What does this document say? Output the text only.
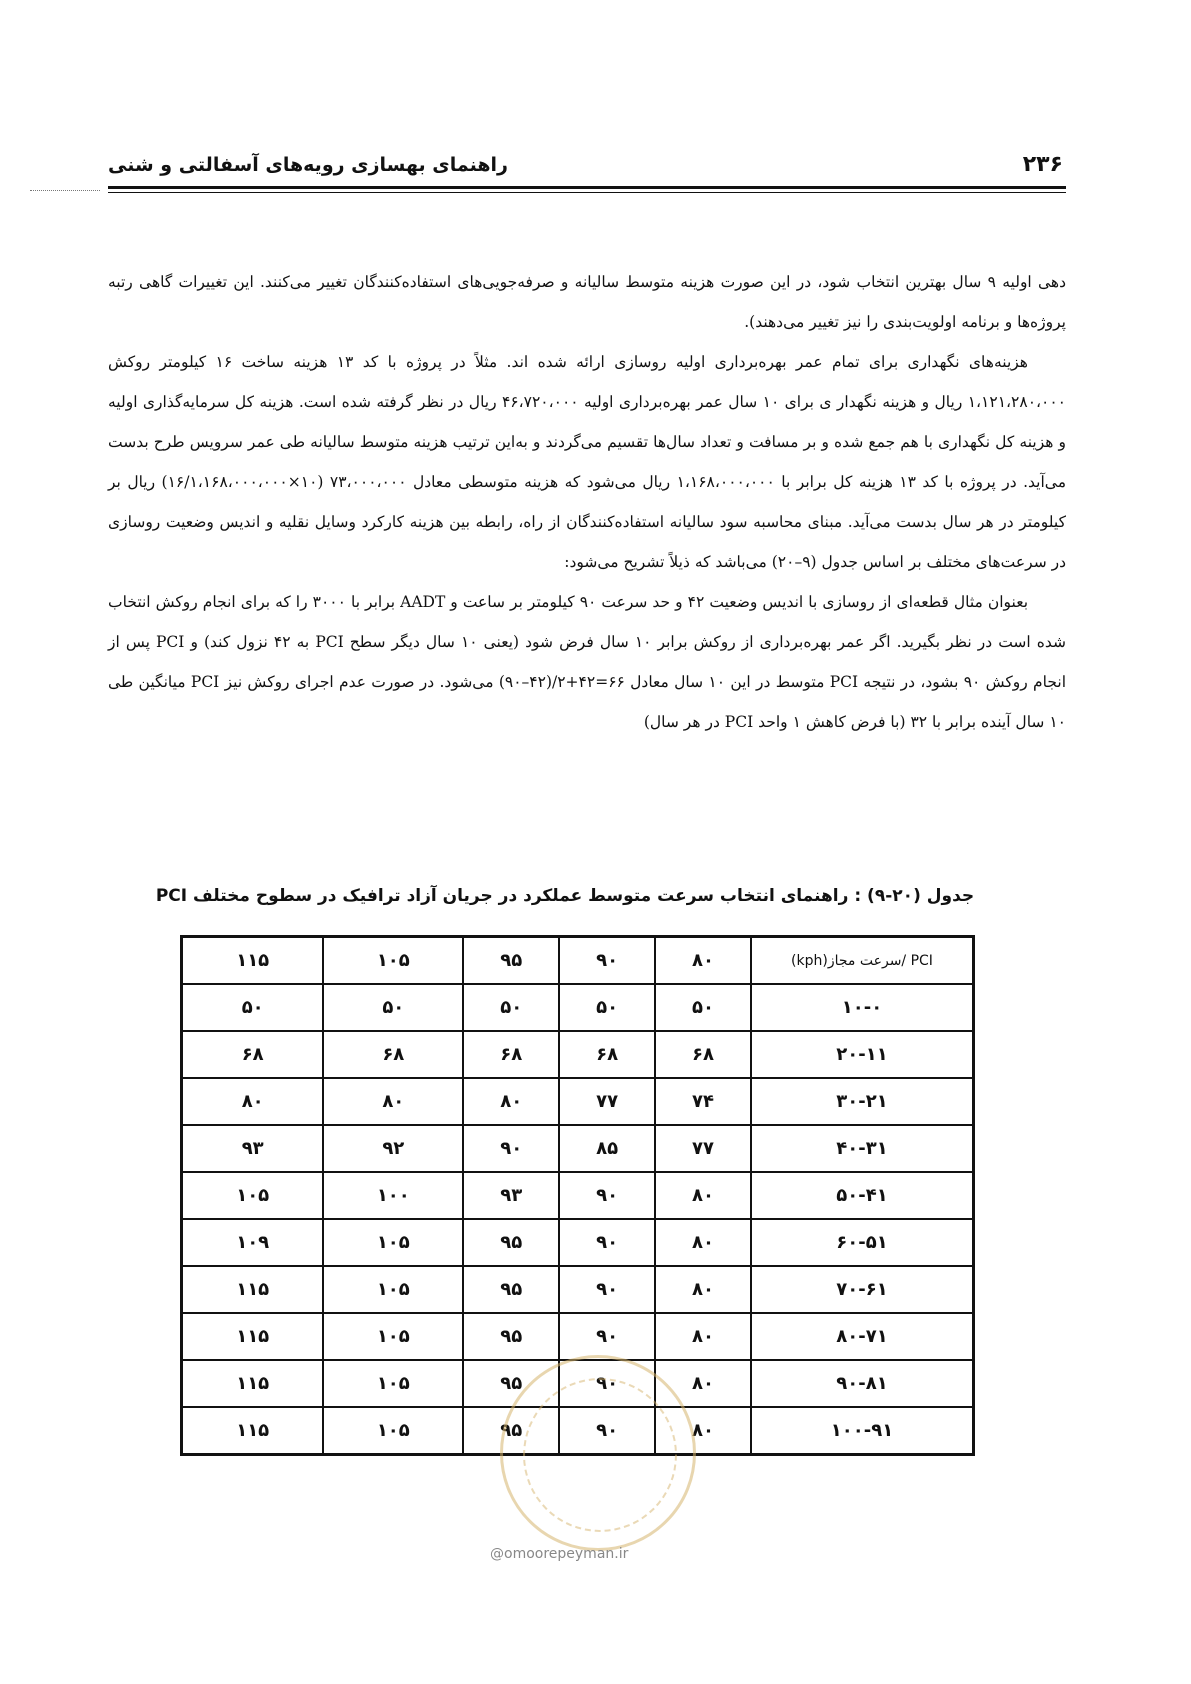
۲۳۶
راهنمای بهسازی رویه‌های آسفالتی و شنی

دهی اولیه ۹ سال بهترین انتخاب شود، در این صورت هزینه متوسط سالیانه و صرفه‌جویی‌های استفاده‌کنندگان تغییر می‌کنند. این تغییرات گاهی رتبه پروژه‌ها و برنامه اولویت‌بندی را نیز تغییر می‌دهند).

هزینه‌های نگهداری برای تمام عمر بهره‌برداری اولیه روسازی ارائه شده اند. مثلاً در پروژه با کد ۱۳ هزینه ساخت ۱۶ کیلومتر روکش ۱،۱۲۱،۲۸۰،۰۰۰ ریال و هزینه نگهدار ی برای ۱۰ سال عمر بهره‌برداری اولیه ۴۶،۷۲۰،۰۰۰ ریال در نظر گرفته شده است. هزینه کل سرمایه‌گذاری اولیه و هزینه کل نگهداری با هم جمع شده و بر مسافت و تعداد سال‌ها تقسیم می‌گردند و به‌این ترتیب هزینه متوسط سالیانه طی عمر سرویس طرح بدست می‌آید. در پروژه با کد ۱۳ هزینه کل برابر با ۱،۱۶۸،۰۰۰،۰۰۰ ریال می‌شود که هزینه متوسطی معادل ۷۳،۰۰۰،۰۰۰ (۱۰×۱۶/۱،۱۶۸،۰۰۰،۰۰۰) ریال بر کیلومتر در هر سال بدست می‌آید. مبنای محاسبه سود سالیانه استفاده‌کنندگان از راه، رابطه بین هزینه کارکرد وسایل نقلیه و اندیس وضعیت روسازی در سرعت‌های مختلف بر اساس جدول (۹–۲۰) می‌باشد که ذیلاً تشریح می‌شود:

بعنوان مثال قطعه‌ای از روسازی با اندیس وضعیت ۴۲ و حد سرعت ۹۰ کیلومتر بر ساعت و AADT برابر با ۳۰۰۰ را که برای انجام روکش انتخاب شده است در نظر بگیرید. اگر عمر بهره‌برداری از روکش برابر ۱۰ سال فرض شود (یعنی ۱۰ سال دیگر سطح PCI به ۴۲ نزول کند) و PCI پس از انجام روکش ۹۰ بشود، در نتیجه PCI متوسط در این ۱۰ سال معادل ۶۶=۴۲+۲/(۴۲–۹۰) می‌شود. در صورت عدم اجرای روکش نیز PCI میانگین طی ۱۰ سال آینده برابر با ۳۲ (با فرض کاهش ۱ واحد PCI در هر سال)

جدول (۲۰-۹) : راهنمای انتخاب سرعت متوسط عملکرد در جریان آزاد ترافیک در سطوح مختلف PCI
PCI /سرعت مجاز(kph)	۸۰	۹۰	۹۵	۱۰۵	۱۱۵
۱۰-۰	۵۰	۵۰	۵۰	۵۰	۵۰
۲۰-۱۱	۶۸	۶۸	۶۸	۶۸	۶۸
۳۰-۲۱	۷۴	۷۷	۸۰	۸۰	۸۰
۴۰-۳۱	۷۷	۸۵	۹۰	۹۲	۹۳
۵۰-۴۱	۸۰	۹۰	۹۳	۱۰۰	۱۰۵
۶۰-۵۱	۸۰	۹۰	۹۵	۱۰۵	۱۰۹
۷۰-۶۱	۸۰	۹۰	۹۵	۱۰۵	۱۱۵
۸۰-۷۱	۸۰	۹۰	۹۵	۱۰۵	۱۱۵
۹۰-۸۱	۸۰	۹۰	۹۵	۱۰۵	۱۱۵
۱۰۰-۹۱	۸۰	۹۰	۹۵	۱۰۵	۱۱۵
@omoorepeyman.ir
